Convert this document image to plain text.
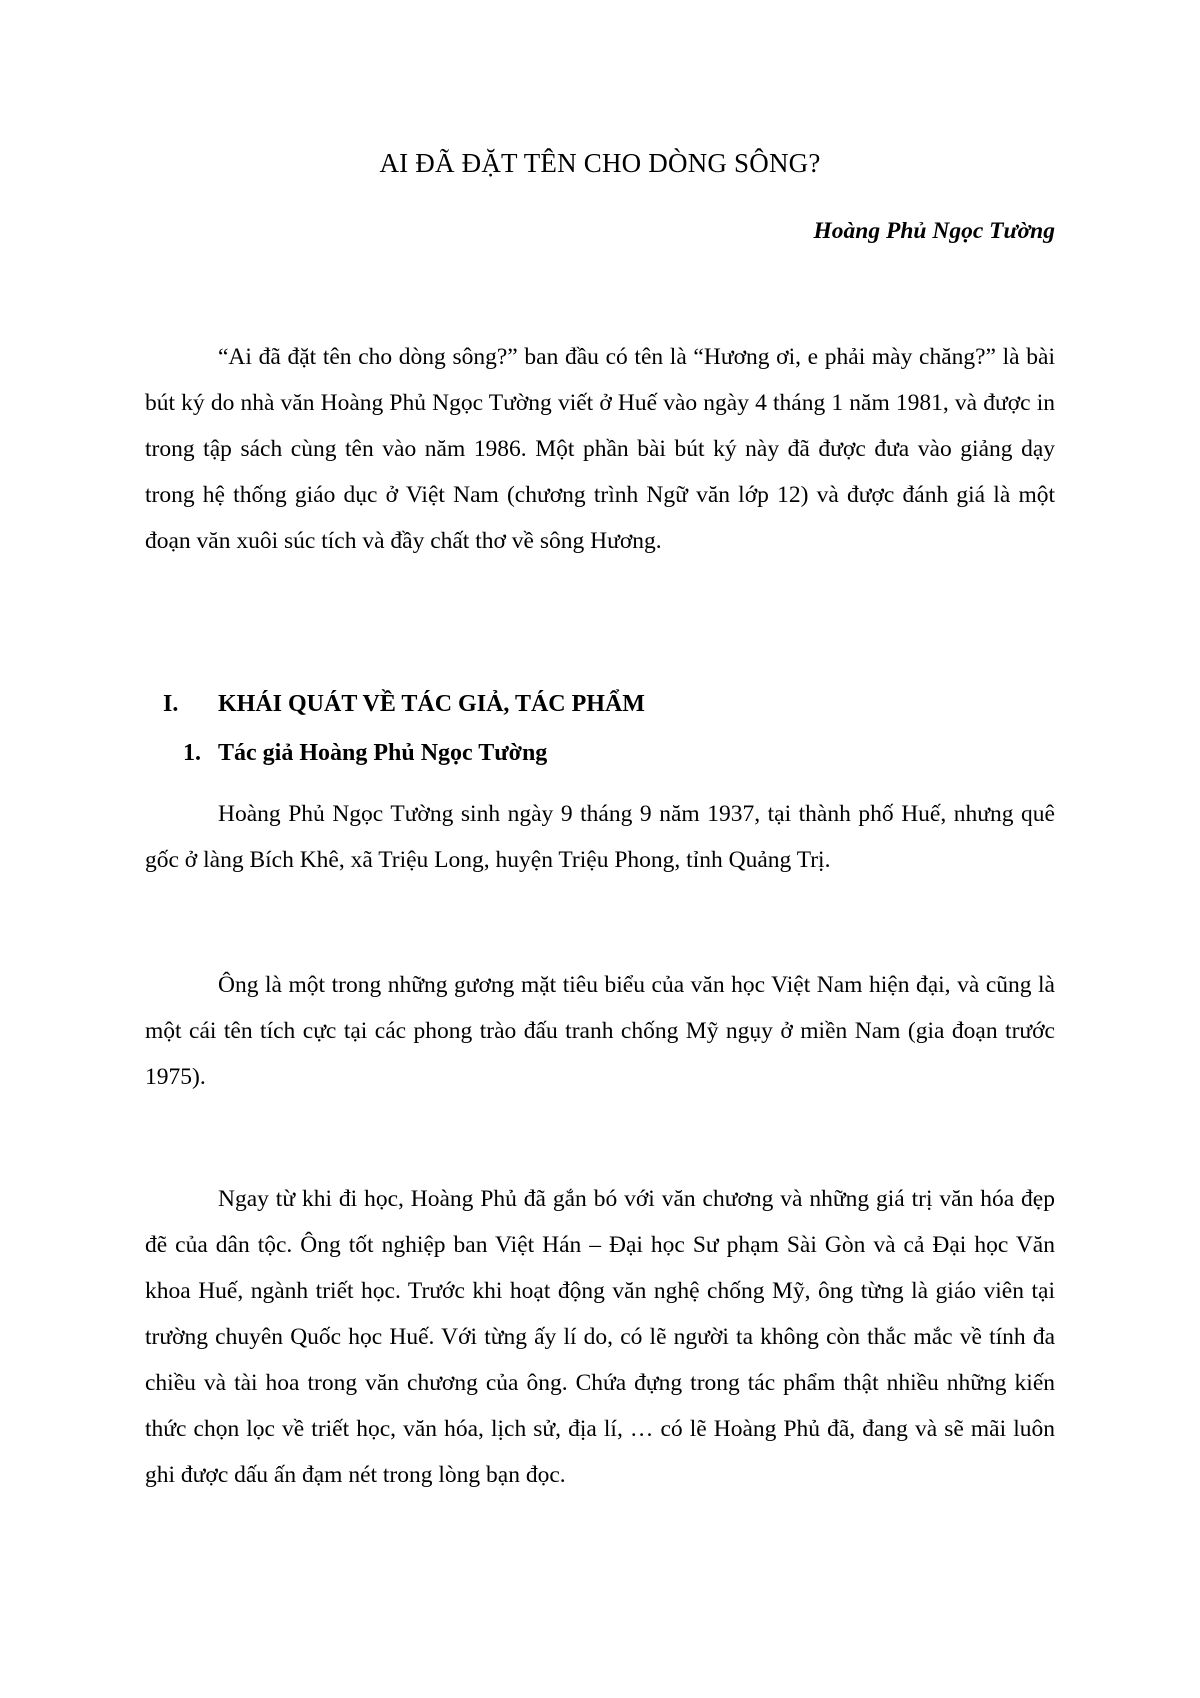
AI ĐÃ ĐẶT TÊN CHO DÒNG SÔNG?
Hoàng Phủ Ngọc Tường

“Ai đã đặt tên cho dòng sông?” ban đầu có tên là “Hương ơi, e phải mày chăng?” là bài bút ký do nhà văn Hoàng Phủ Ngọc Tường viết ở Huế vào ngày 4 tháng 1 năm 1981, và được in trong tập sách cùng tên vào năm 1986. Một phần bài bút ký này đã được đưa vào giảng dạy trong hệ thống giáo dục ở Việt Nam (chương trình Ngữ văn lớp 12) và được đánh giá là một đoạn văn xuôi súc tích và đầy chất thơ về sông Hương.

I. KHÁI QUÁT VỀ TÁC GIẢ, TÁC PHẨM
1. Tác giả Hoàng Phủ Ngọc Tường

Hoàng Phủ Ngọc Tường sinh ngày 9 tháng 9 năm 1937, tại thành phố Huế, nhưng quê gốc ở làng Bích Khê, xã Triệu Long, huyện Triệu Phong, tỉnh Quảng Trị.

Ông là một trong những gương mặt tiêu biểu của văn học Việt Nam hiện đại, và cũng là một cái tên tích cực tại các phong trào đấu tranh chống Mỹ ngụy ở miền Nam (gia đoạn trước 1975).

Ngay từ khi đi học, Hoàng Phủ đã gắn bó với văn chương và những giá trị văn hóa đẹp đẽ của dân tộc. Ông tốt nghiệp ban Việt Hán – Đại học Sư phạm Sài Gòn và cả Đại học Văn khoa Huế, ngành triết học. Trước khi hoạt động văn nghệ chống Mỹ, ông từng là giáo viên tại trường chuyên Quốc học Huế. Với từng ấy lí do, có lẽ người ta không còn thắc mắc về tính đa chiều và tài hoa trong văn chương của ông. Chứa đựng trong tác phẩm thật nhiều những kiến thức chọn lọc về triết học, văn hóa, lịch sử, địa lí, … có lẽ Hoàng Phủ đã, đang và sẽ mãi luôn ghi được dấu ấn đạm nét trong lòng bạn đọc.
